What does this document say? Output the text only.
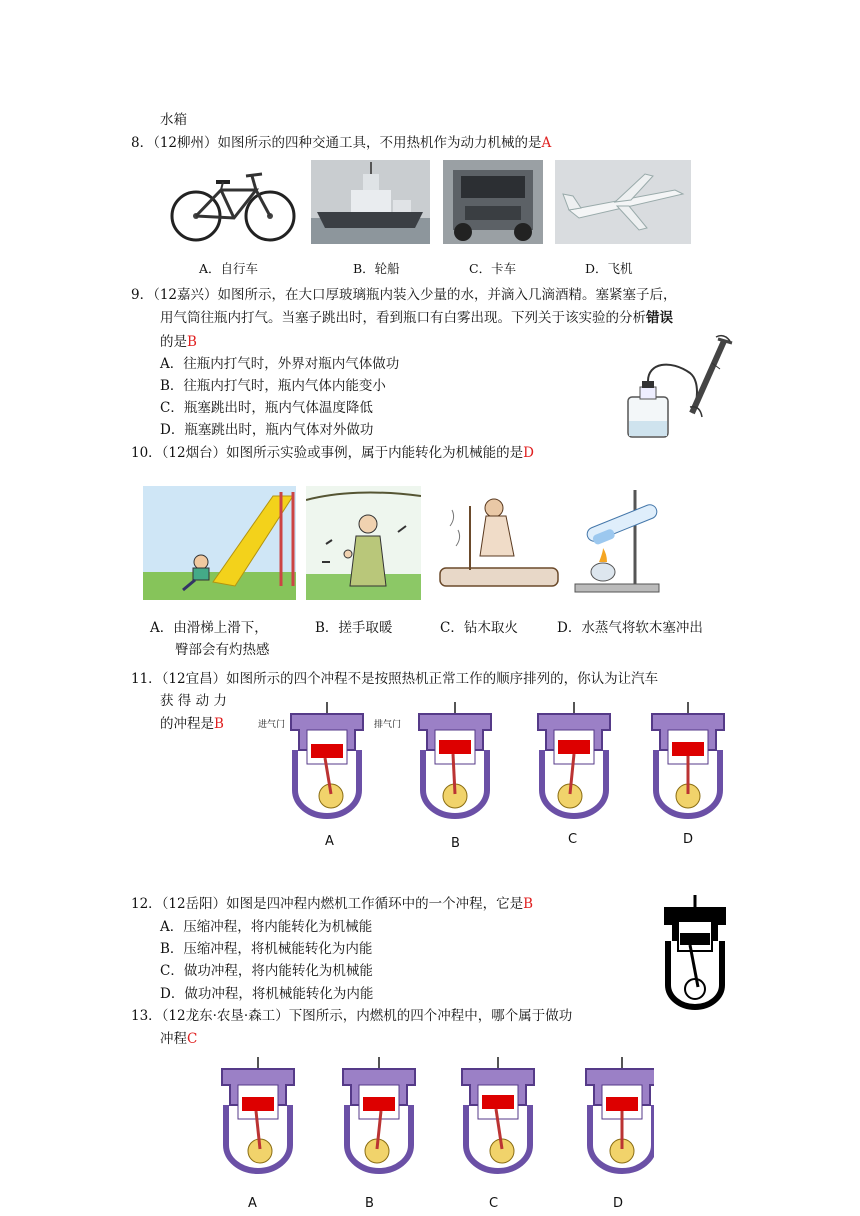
水箱
8．（12柳州）如图所示的四种交通工具，不用热机作为动力机械的是A
A．自行车	B．轮船	C．卡车	D．飞机
9．（12嘉兴）如图所示，在大口厚玻璃瓶内装入少量的水，并滴入几滴酒精。塞紧塞子后，
用气筒往瓶内打气。当塞子跳出时，看到瓶口有白雾出现。下列关于该实验的分析错误
的是B
A．往瓶内打气时，外界对瓶内气体做功
B．往瓶内打气时，瓶内气体内能变小
C．瓶塞跳出时，瓶内气体温度降低
D．瓶塞跳出时，瓶内气体对外做功
10．（12烟台）如图所示实验或事例，属于内能转化为机械能的是D
A．由滑梯上滑下，
臀部会有灼热感
B．搓手取暖	C．钻木取火	D．水蒸气将软木塞冲出
11．（12宜昌）如图所示的四个冲程不是按照热机正常工作的顺序排列的，你认为让汽车
获 得 动 力
的冲程是B	进气门	排气门
A	B	C	D
12．（12岳阳）如图是四冲程内燃机工作循环中的一个冲程，它是B
A．压缩冲程，将内能转化为机械能
B．压缩冲程，将机械能转化为内能
C．做功冲程，将内能转化为机械能
D．做功冲程，将机械能转化为内能
13．（12龙东·农垦·森工）下图所示，内燃机的四个冲程中，哪个属于做功
冲程C
A	B	C	D
